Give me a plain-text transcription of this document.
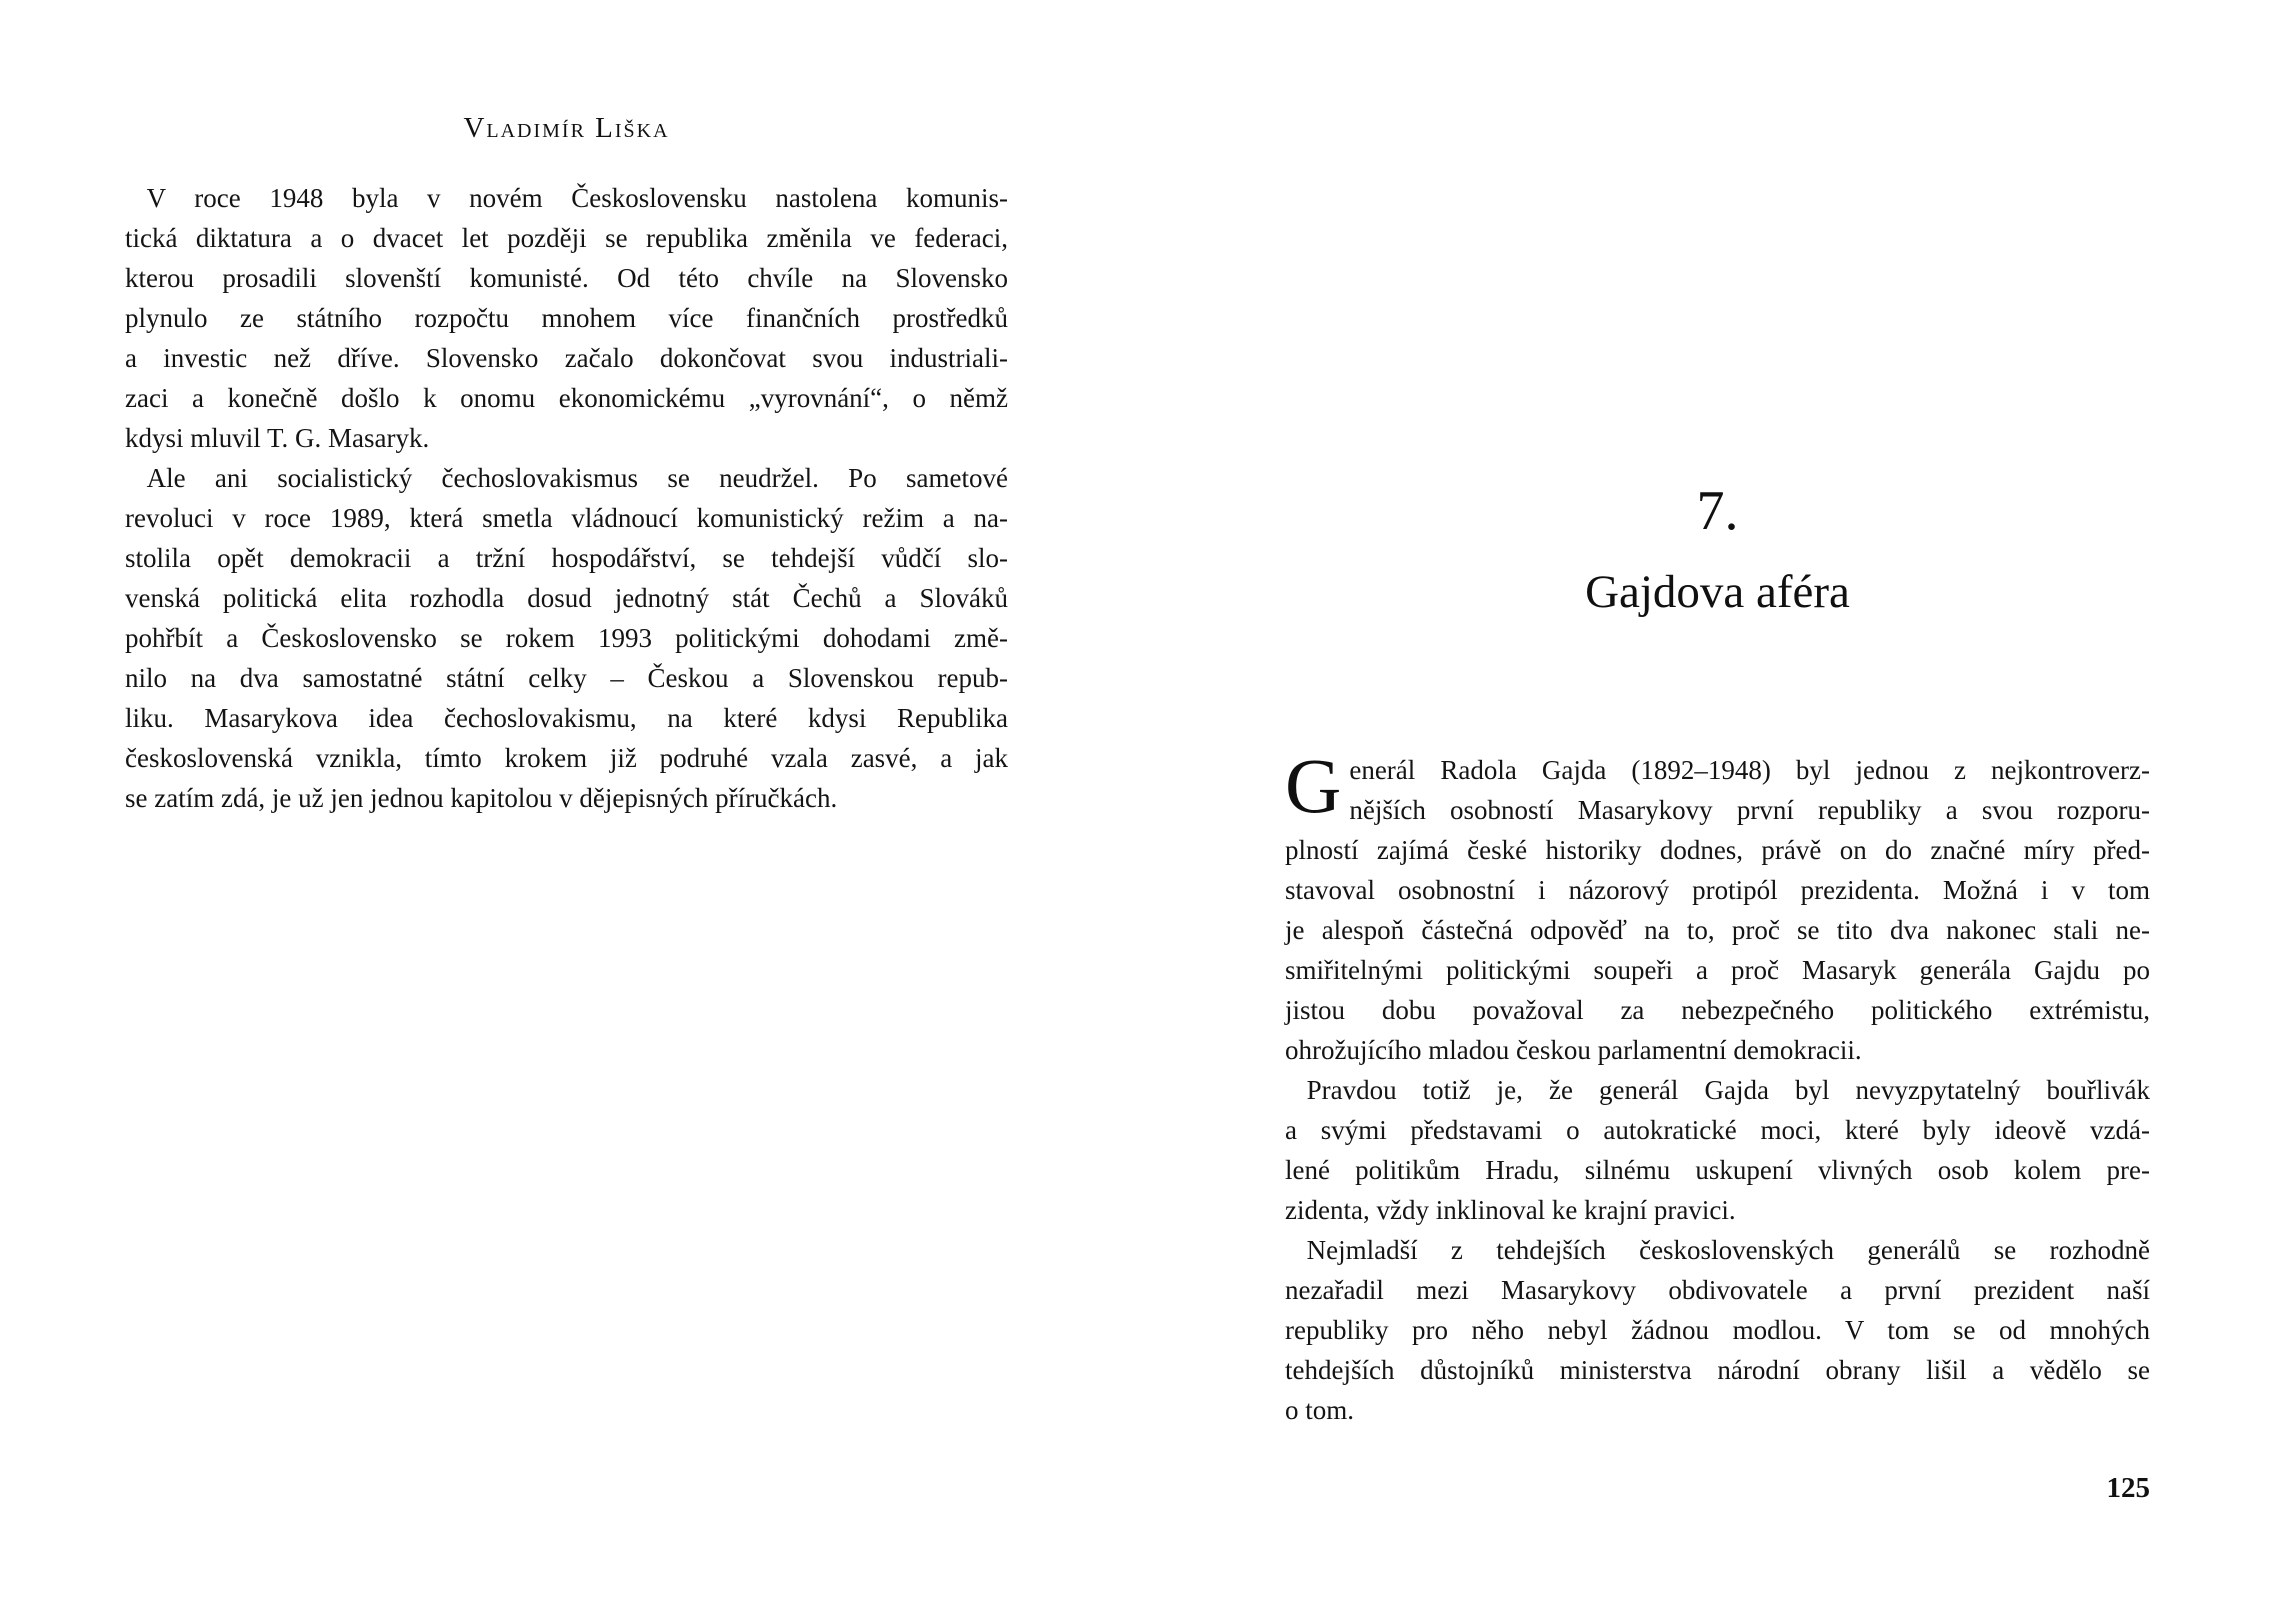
Vladimír Liška
V roce 1948 byla v novém Československu nastolena komunis-
tická diktatura a o dvacet let později se republika změnila ve federaci,
kterou prosadili slovenští komunisté. Od této chvíle na Slovensko
plynulo ze státního rozpočtu mnohem více finančních prostředků
a investic než dříve. Slovensko začalo dokončovat svou industriali-
zaci a konečně došlo k onomu ekonomickému „vyrovnání“, o němž
kdysi mluvil T. G. Masaryk.
Ale ani socialistický čechoslovakismus se neudržel. Po sametové
revoluci v roce 1989, která smetla vládnoucí komunistický režim a na-
stolila opět demokracii a tržní hospodářství, se tehdejší vůdčí slo-
venská politická elita rozhodla dosud jednotný stát Čechů a Slováků
pohřbít a Československo se rokem 1993 politickými dohodami změ-
nilo na dva samostatné státní celky – Českou a Slovenskou repub-
liku. Masarykova idea čechoslovakismu, na které kdysi Republika
československá vznikla, tímto krokem již podruhé vzala zasvé, a jak
se zatím zdá, je už jen jednou kapitolou v dějepisných příručkách.
7.
Gajdova aféra
G enerál Radola Gajda (1892–1948) byl jednou z nejkontroverz-
nějších osobností Masarykovy první republiky a svou rozporu-
plností zajímá české historiky dodnes, právě on do značné míry před-
stavoval osobnostní i názorový protipól prezidenta. Možná i v tom
je alespoň částečná odpověď na to, proč se tito dva nakonec stali ne-
smiřitelnými politickými soupeři a proč Masaryk generála Gajdu po
jistou dobu považoval za nebezpečného politického extrémistu,
ohrožujícího mladou českou parlamentní demokracii.
Pravdou totiž je, že generál Gajda byl nevyzpytatelný bouřlivák
a svými představami o autokratické moci, které byly ideově vzdá-
lené politikům Hradu, silnému uskupení vlivných osob kolem pre-
zidenta, vždy inklinoval ke krajní pravici.
Nejmladší z tehdejších československých generálů se rozhodně
nezařadil mezi Masarykovy obdivovatele a první prezident naší
republiky pro něho nebyl žádnou modlou. V tom se od mnohých
tehdejších důstojníků ministerstva národní obrany lišil a vědělo se
o tom.
125
